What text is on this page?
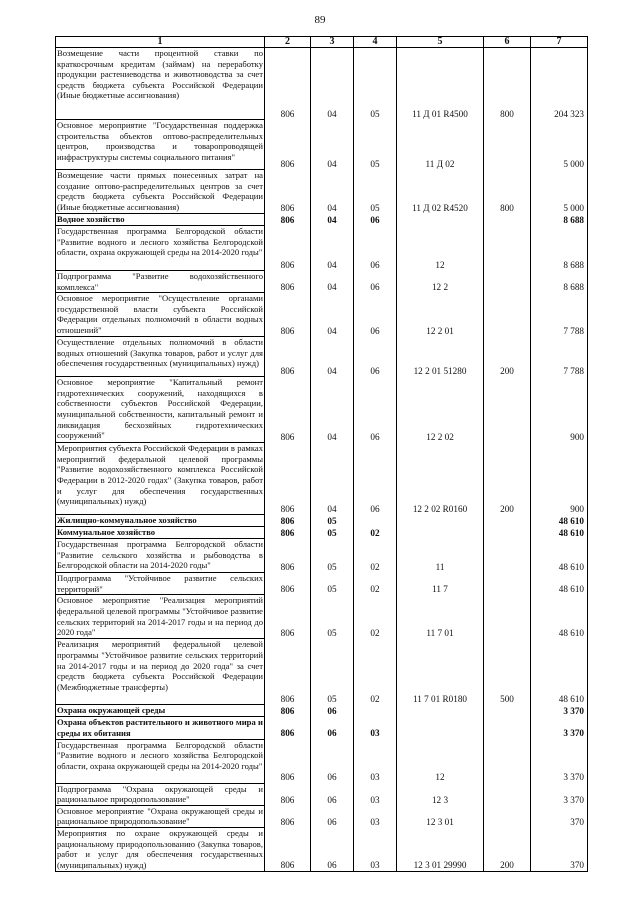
89
1	2	3	4	5	6	7
Возмещение части процентной ставки по краткосрочным кредитам (займам) на переработку продукции растениеводства и животноводства за счет средств бюджета субъекта Российской Федерации (Иные бюджетные ассигнования)	806	04	05	11 Д 01 R4500	800	204 323
Основное мероприятие "Государственная поддержка строительства объектов оптово-распределительных центров, производства и товаропроводящей инфраструктуры системы социального питания"	806	04	05	11 Д 02		5 000
Возмещение части прямых понесенных затрат на создание оптово-распределительных центров за счет средств бюджета субъекта Российской Федерации (Иные бюджетные ассигнования)	806	04	05	11 Д 02 R4520	800	5 000
Водное хозяйство	806	04	06			8 688
Государственная программа Белгородской области "Развитие водного и лесного хозяйства Белгородской области, охрана окружающей среды на 2014-2020 годы"	806	04	06	12		8 688
Подпрограмма "Развитие водохозяйственного комплекса"	806	04	06	12 2		8 688
Основное мероприятие "Осуществление органами государственной власти субъекта Российской Федерации отдельных полномочий в области водных отношений"	806	04	06	12 2 01		7 788
Осуществление отдельных полномочий в области водных отношений (Закупка товаров, работ и услуг для обеспечения государственных (муниципальных) нужд)	806	04	06	12 2 01 51280	200	7 788
Основное мероприятие "Капитальный ремонт гидротехнических сооружений, находящихся в собственности субъектов Российской Федерации, муниципальной собственности, капитальный ремонт и ликвидация бесхозяйных гидротехнических сооружений"	806	04	06	12 2 02		900
Мероприятия субъекта Российской Федерации в рамках мероприятий федеральной целевой программы "Развитие водохозяйственного комплекса Российской Федерации в 2012-2020 годах" (Закупка товаров, работ и услуг для обеспечения государственных (муниципальных) нужд)	806	04	06	12 2 02 R0160	200	900
Жилищно-коммунальное хозяйство	806	05				48 610
Коммунальное хозяйство	806	05	02			48 610
Государственная программа Белгородской области "Развитие сельского хозяйства и рыбоводства в Белгородской области на 2014-2020 годы"	806	05	02	11		48 610
Подпрограмма "Устойчивое развитие сельских территорий"	806	05	02	11 7		48 610
Основное мероприятие "Реализация мероприятий федеральной целевой программы "Устойчивое развитие сельских территорий на 2014-2017 годы и на период до 2020 года"	806	05	02	11 7 01		48 610
Реализация мероприятий федеральной целевой программы "Устойчивое развитие сельских территорий на 2014-2017 годы и на период до 2020 года" за счет средств бюджета субъекта Российской Федерации (Межбюджетные трансферты)	806	05	02	11 7 01 R0180	500	48 610
Охрана окружающей среды	806	06				3 370
Охрана объектов растительного и животного мира и среды их обитания	806	06	03			3 370
Государственная программа Белгородской области "Развитие водного и лесного хозяйства Белгородской области, охрана окружающей среды на 2014-2020 годы"	806	06	03	12		3 370
Подпрограмма "Охрана окружающей среды и рациональное природопользование"	806	06	03	12 3		3 370
Основное мероприятие "Охрана окружающей среды и рациональное природопользование"	806	06	03	12 3 01		370
Мероприятия по охране окружающей среды и рациональному природопользованию (Закупка товаров, работ и услуг для обеспечения государственных (муниципальных) нужд)	806	06	03	12 3 01 29990	200	370
